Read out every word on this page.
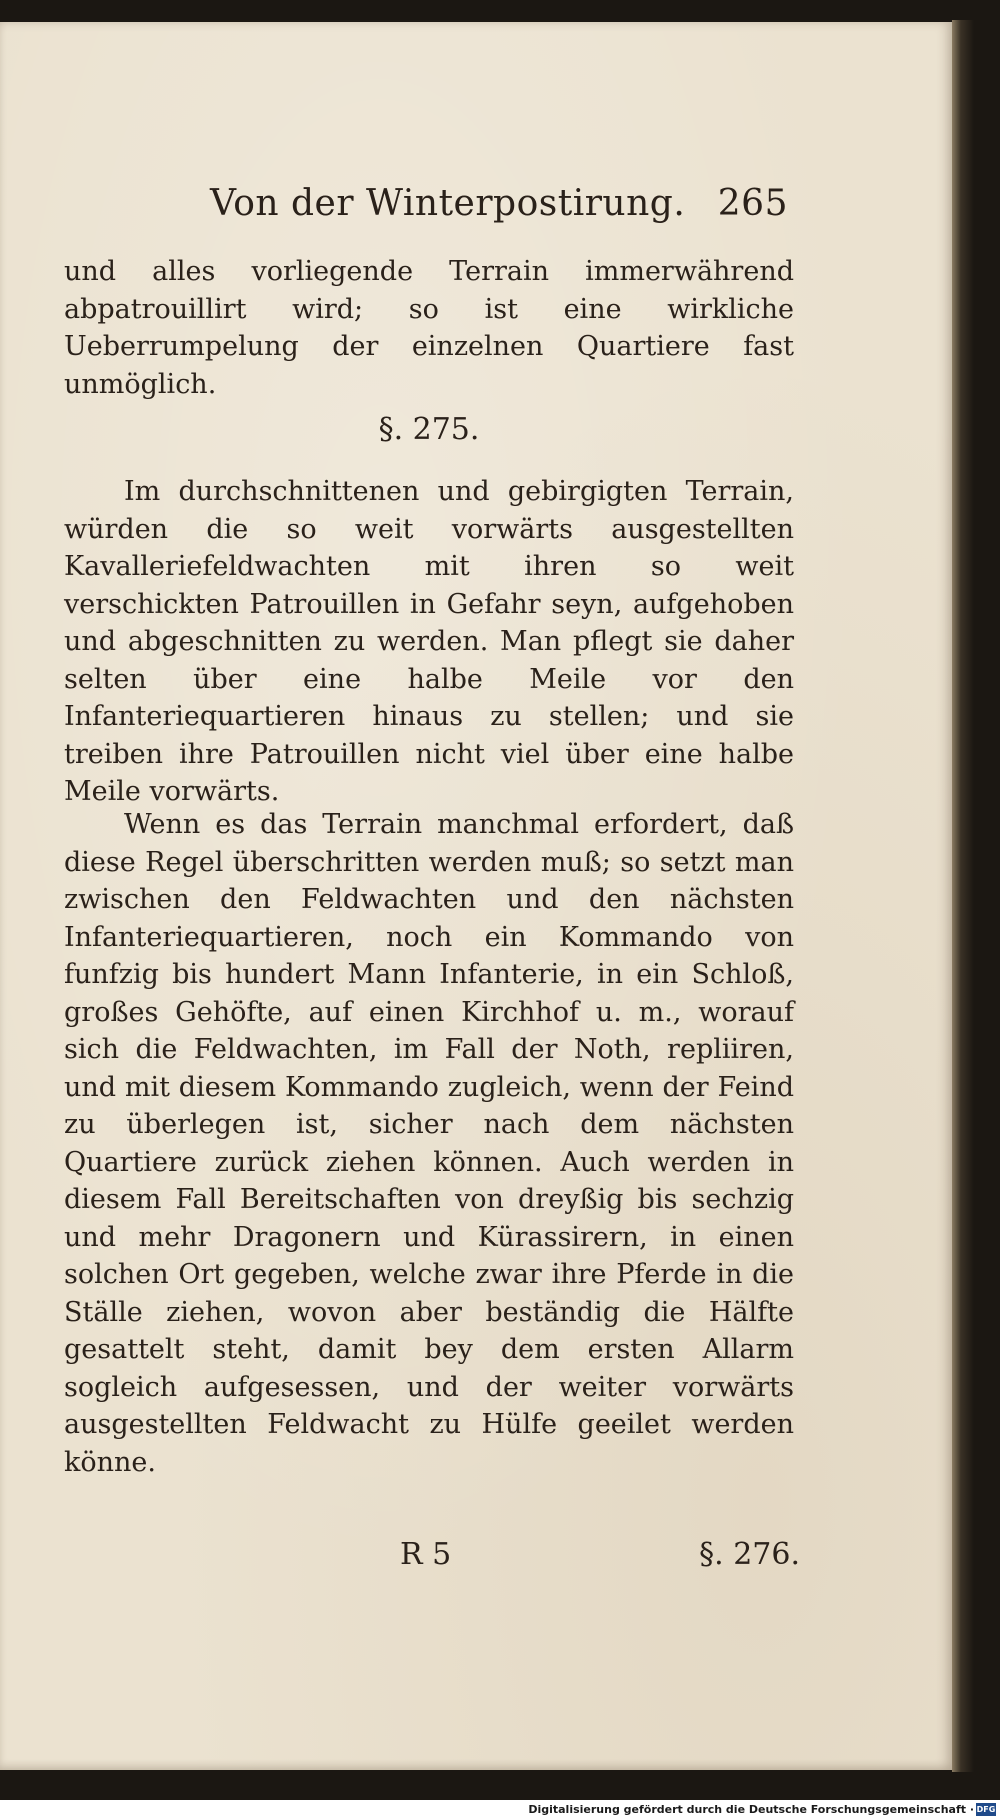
Von der Winterpostirung. 265

und alles vorliegende Terrain immerwährend abpatrouillirt wird; so ist eine wirkliche Ueberrumpelung der einzelnen Quartiere fast unmöglich.

§. 275.

Im durchschnittenen und gebirgigten Terrain, würden die so weit vorwärts ausgestellten Kavalleriefeldwachten mit ihren so weit verschickten Patrouillen in Gefahr seyn, aufgehoben und abgeschnitten zu werden. Man pflegt sie daher selten über eine halbe Meile vor den Infanteriequartieren hinaus zu stellen; und sie treiben ihre Patrouillen nicht viel über eine halbe Meile vorwärts.

Wenn es das Terrain manchmal erfordert, daß diese Regel überschritten werden muß; so setzt man zwischen den Feldwachten und den nächsten Infanteriequartieren, noch ein Kommando von funfzig bis hundert Mann Infanterie, in ein Schloß, großes Gehöfte, auf einen Kirchhof u. m., worauf sich die Feldwachten, im Fall der Noth, repliiren, und mit diesem Kommando zugleich, wenn der Feind zu überlegen ist, sicher nach dem nächsten Quartiere zurück ziehen können. Auch werden in diesem Fall Bereitschaften von dreyßig bis sechzig und mehr Dragonern und Kürassirern, in einen solchen Ort gegeben, welche zwar ihre Pferde in die Ställe ziehen, wovon aber beständig die Hälfte gesattelt steht, damit bey dem ersten Allarm sogleich aufgesessen, und der weiter vorwärts ausgestellten Feldwacht zu Hülfe geeilet werden könne.

R 5	§. 276.
Digitalisierung gefördert durch die Deutsche Forschungsgemeinschaft · DFG
